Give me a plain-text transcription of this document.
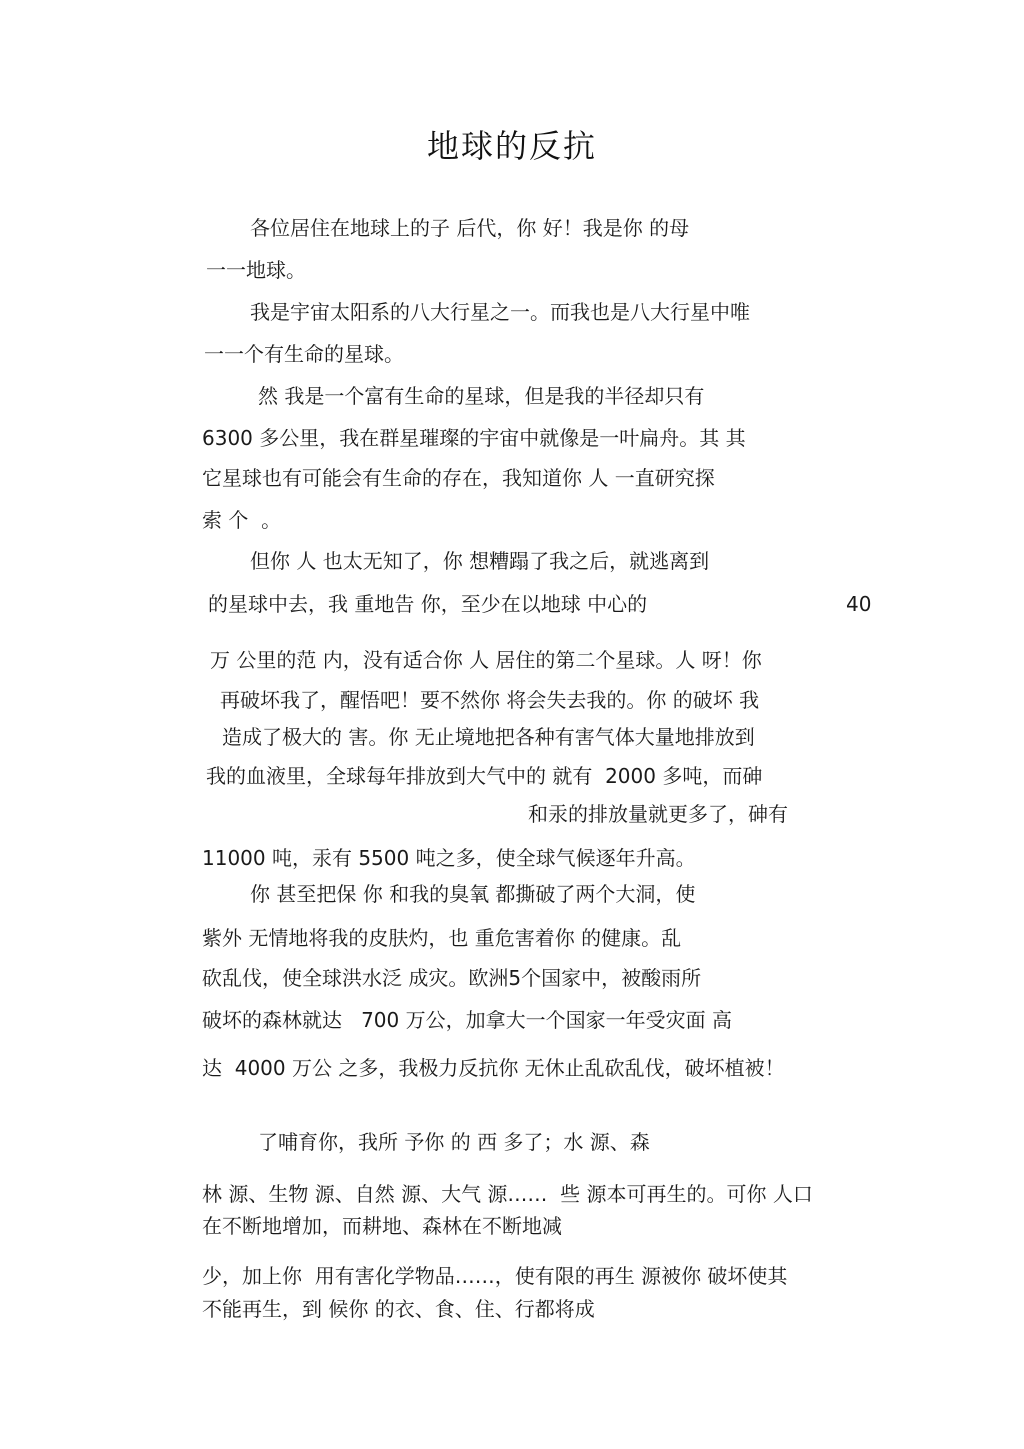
地球的反抗
各位居住在地球上的子 后代，你 好！我是你 的母
一一地球。
我是宇宙太阳系的八大行星之一。而我也是八大行星中唯
一一个有生命的星球。
然 我是一个富有生命的星球，但是我的半径却只有
6300 多公里，我在群星璀璨的宇宙中就像是一叶扁舟。其 其
它星球也有可能会有生命的存在，我知道你 人 一直研究探
索 个  。
但你 人 也太无知了，你 想糟蹋了我之后，就逃离到
的星球中去，我 重地告 你，至少在以地球 中心的	40
万 公里的范 内，没有适合你 人 居住的第二个星球。人 呀！你
再破坏我了，醒悟吧！要不然你 将会失去我的。你 的破坏 我
造成了极大的 害。你 无止境地把各种有害气体大量地排放到
我的血液里，全球每年排放到大气中的 就有  2000 多吨，而砷
和汞的排放量就更多了，砷有
11000 吨，汞有 5500 吨之多，使全球气候逐年升高。
你 甚至把保 你 和我的臭氧 都撕破了两个大洞，使
紫外 无情地将我的皮肤灼，也 重危害着你 的健康。乱
砍乱伐，使全球洪水泛 成灾。欧洲5个国家中，被酸雨所
破坏的森林就达   700 万公，加拿大一个国家一年受灾面 高
达  4000 万公 之多，我极力反抗你 无休止乱砍乱伐，破坏植被！
了哺育你，我所 予你 的 西 多了；水 源、森
林 源、生物 源、自然 源、大气 源……  些 源本可再生的。可你 人口
在不断地增加，而耕地、森林在不断地减
少，加上你  用有害化学物品……，使有限的再生 源被你 破坏使其
不能再生，到 候你 的衣、食、住、行都将成
